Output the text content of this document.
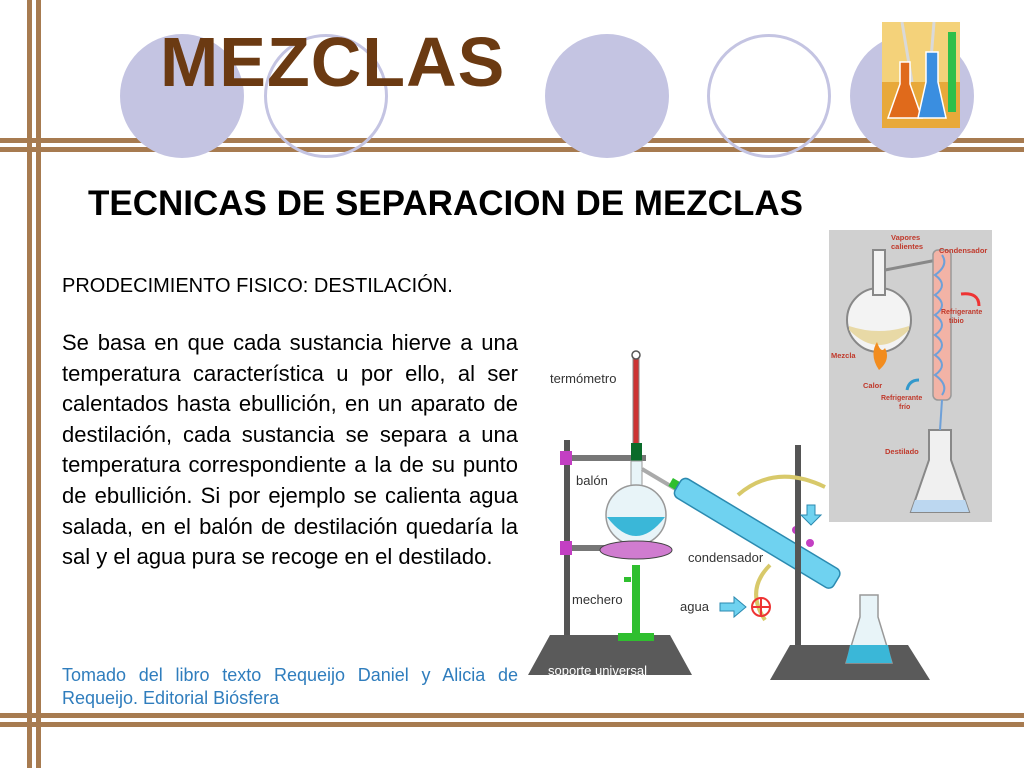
MEZCLAS
TECNICAS DE SEPARACION DE MEZCLAS
PRODECIMIENTO FISICO: DESTILACIÓN.
Se basa en que cada sustancia hierve a una temperatura característica u por ello, al ser calentados hasta ebullición, en un aparato de destilación, cada sustancia se separa a una temperatura correspondiente a la de su punto de ebullición. Si por ejemplo se calienta agua salada, en el balón de destilación quedaría la sal y el agua pura se recoge en el destilado.
Tomado del libro texto Requeijo Daniel y Alicia de Requeijo. Editorial Biósfera
Vapores
calientes Condensador
Refrigerante
tibio
Mezcla
Calor
Refrigerante
frío
Destilado
termómetro
balón
condensador
mechero	agua
soporte universal
